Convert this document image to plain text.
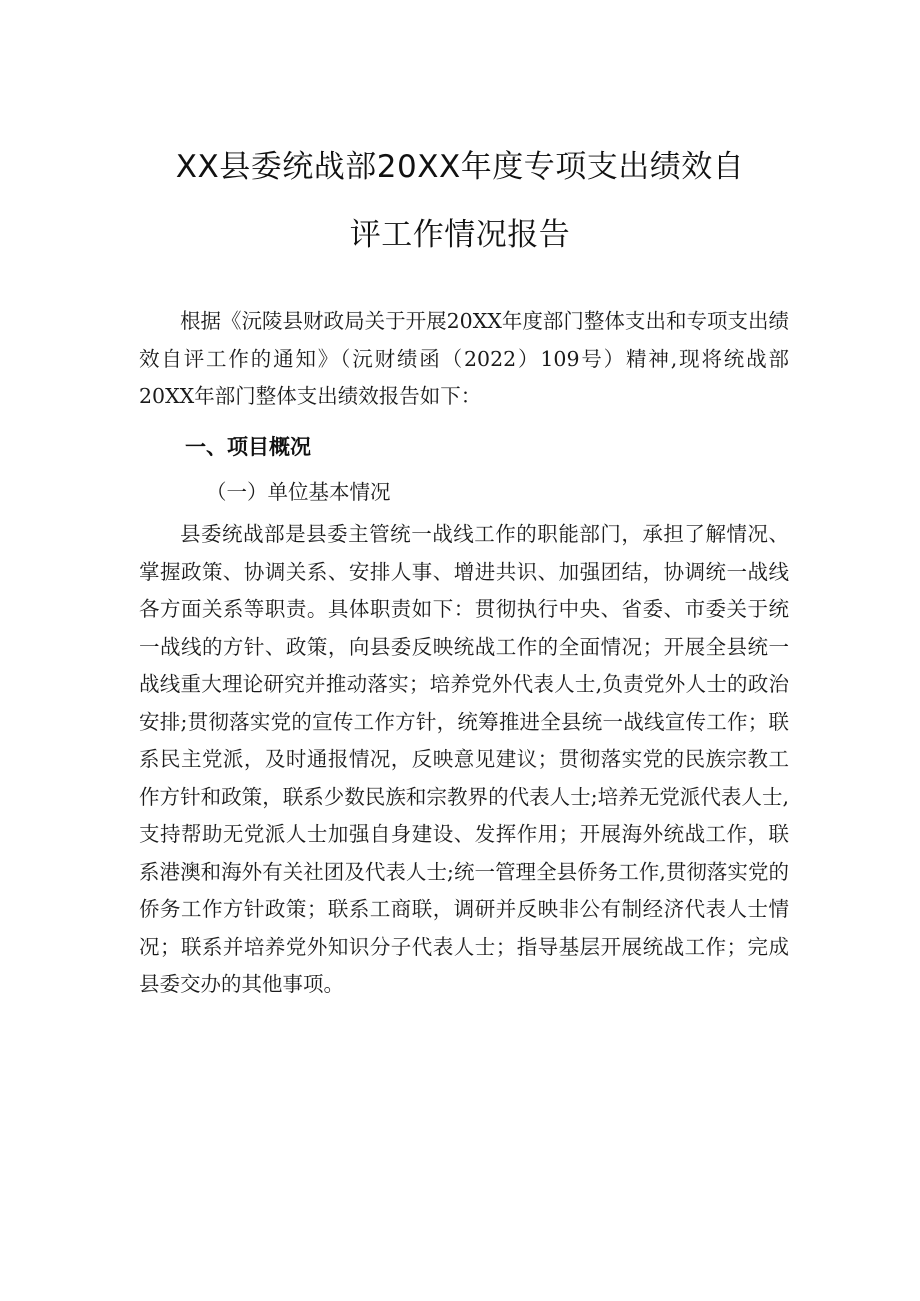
XX县委统战部20XX年度专项支出绩效自
评工作情况报告

根据《沅陵县财政局关于开展20XX年度部门整体支出和专项支出绩效自评工作的通知》（沅财绩函（2022）109号）精神,现将统战部20XX年部门整体支出绩效报告如下：

一、项目概况

（一）单位基本情况

县委统战部是县委主管统一战线工作的职能部门，承担了解情况、掌握政策、协调关系、安排人事、增进共识、加强团结，协调统一战线各方面关系等职责。具体职责如下：贯彻执行中央、省委、市委关于统一战线的方针、政策，向县委反映统战工作的全面情况；开展全县统一战线重大理论研究并推动落实；培养党外代表人士,负责党外人士的政治安排;贯彻落实党的宣传工作方针，统筹推进全县统一战线宣传工作；联系民主党派，及时通报情况，反映意见建议；贯彻落实党的民族宗教工作方针和政策，联系少数民族和宗教界的代表人士;培养无党派代表人士,支持帮助无党派人士加强自身建设、发挥作用；开展海外统战工作，联系港澳和海外有关社团及代表人士;统一管理全县侨务工作,贯彻落实党的侨务工作方针政策；联系工商联，调研并反映非公有制经济代表人士情况；联系并培养党外知识分子代表人士；指导基层开展统战工作；完成县委交办的其他事项。
